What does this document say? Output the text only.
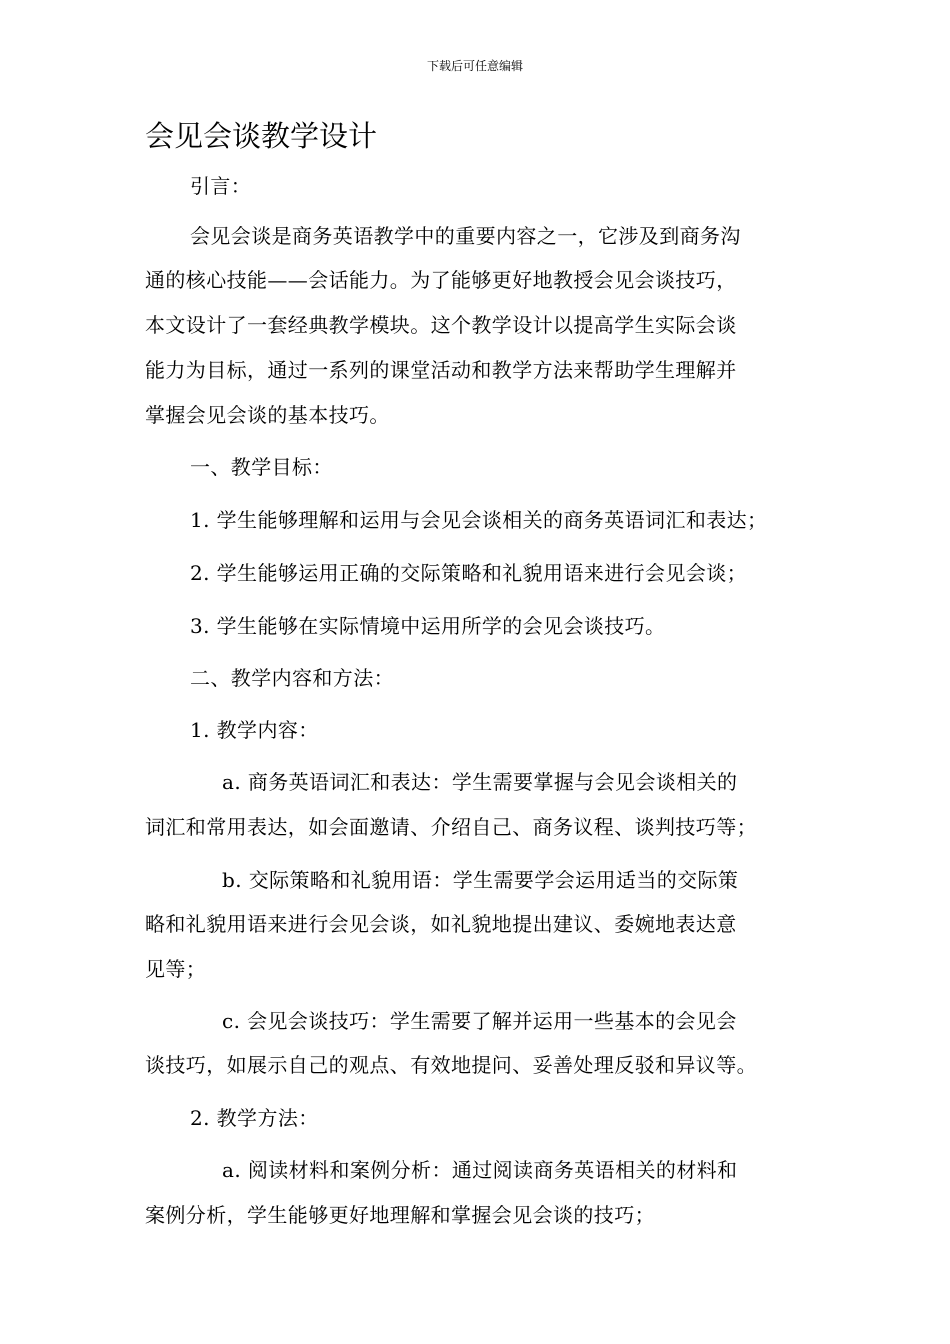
下载后可任意编辑
会见会谈教学设计

引言：

会见会谈是商务英语教学中的重要内容之一，它涉及到商务沟

通的核心技能——会话能力。为了能够更好地教授会见会谈技巧，

本文设计了一套经典教学模块。这个教学设计以提高学生实际会谈

能力为目标，通过一系列的课堂活动和教学方法来帮助学生理解并

掌握会见会谈的基本技巧。

一、教学目标：

1. 学生能够理解和运用与会见会谈相关的商务英语词汇和表达；

2. 学生能够运用正确的交际策略和礼貌用语来进行会见会谈；

3. 学生能够在实际情境中运用所学的会见会谈技巧。

二、教学内容和方法：

1. 教学内容：

a. 商务英语词汇和表达：学生需要掌握与会见会谈相关的

词汇和常用表达，如会面邀请、介绍自己、商务议程、谈判技巧等；

b. 交际策略和礼貌用语：学生需要学会运用适当的交际策

略和礼貌用语来进行会见会谈，如礼貌地提出建议、委婉地表达意

见等；

c. 会见会谈技巧：学生需要了解并运用一些基本的会见会

谈技巧，如展示自己的观点、有效地提问、妥善处理反驳和异议等。

2. 教学方法：

a. 阅读材料和案例分析：通过阅读商务英语相关的材料和

案例分析，学生能够更好地理解和掌握会见会谈的技巧；
